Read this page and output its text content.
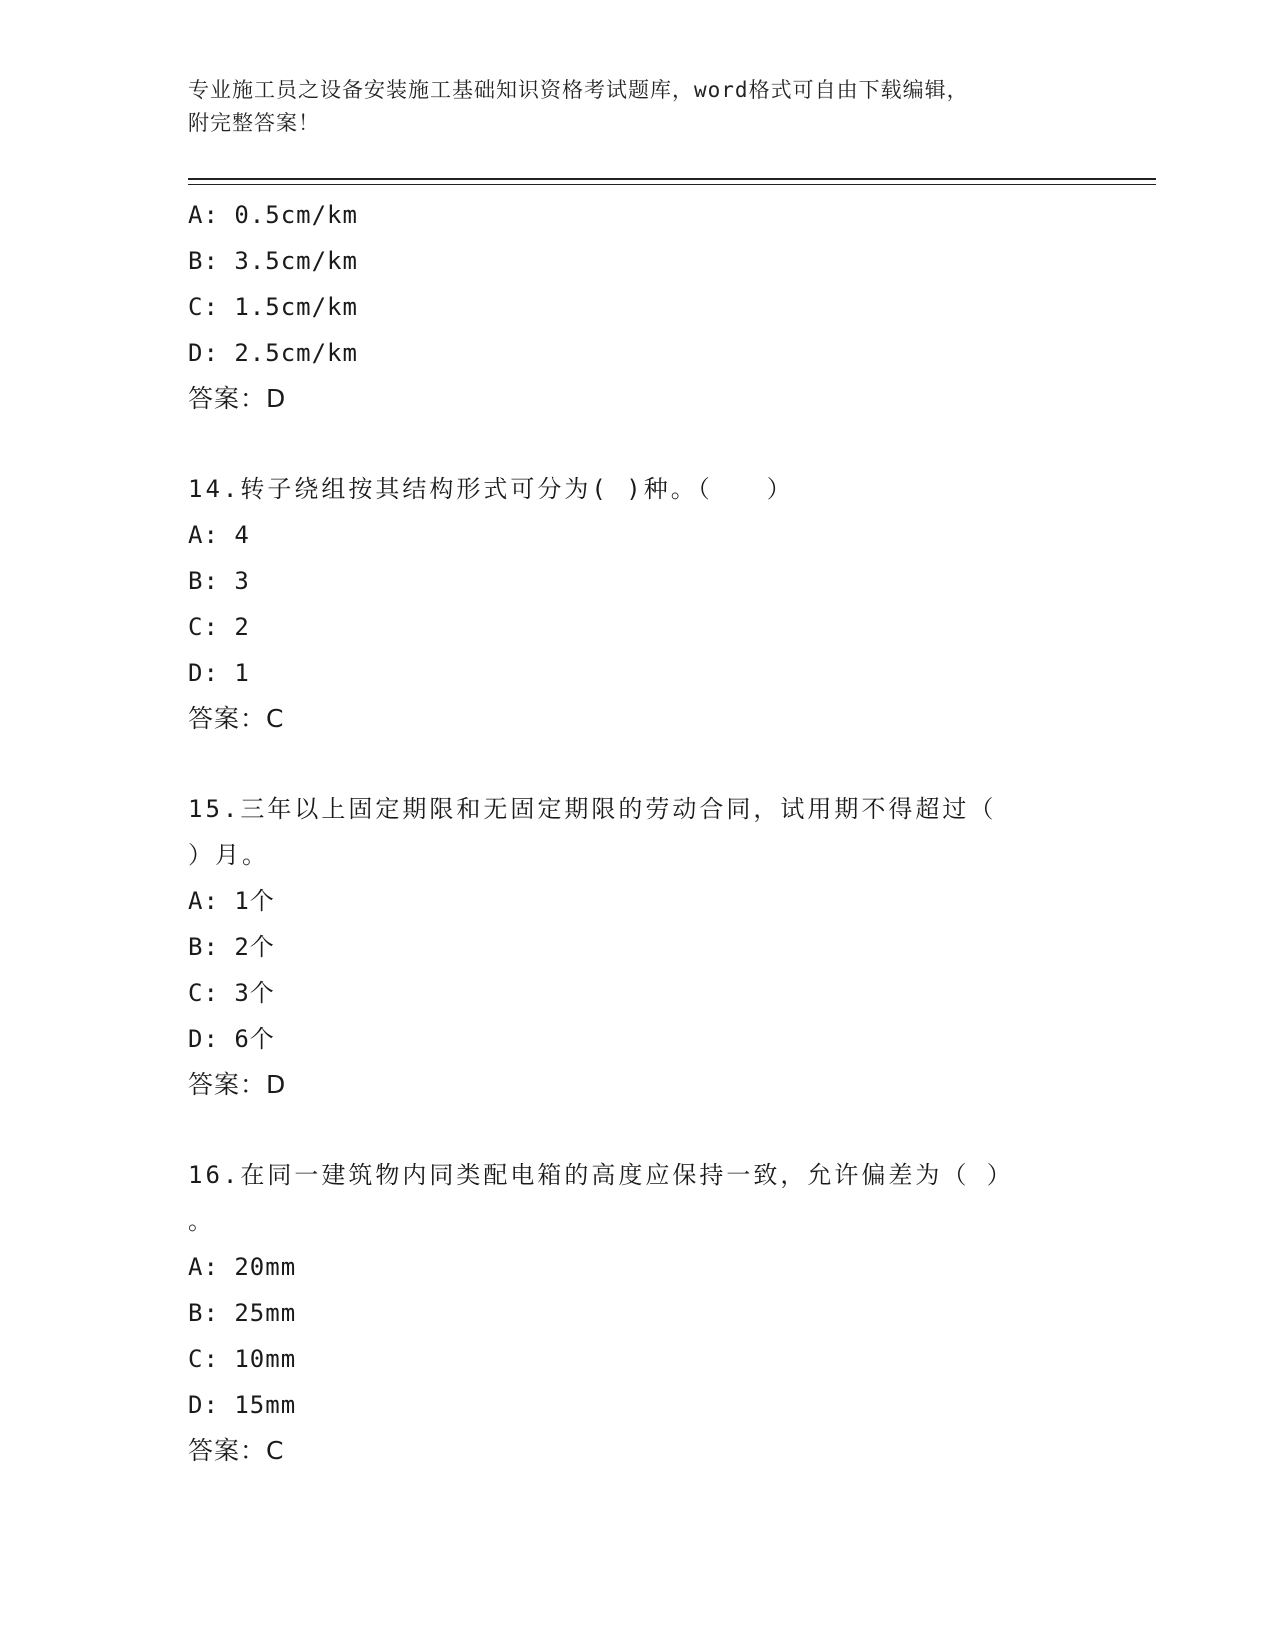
专业施工员之设备安装施工基础知识资格考试题库，word格式可自由下载编辑，
附完整答案！
A: 0.5cm/km
B: 3.5cm/km
C: 1.5cm/km
D: 2.5cm/km
答案：D
14.转子绕组按其结构形式可分为( )种。（　　）
A: 4
B: 3
C: 2
D: 1
答案：C
15.三年以上固定期限和无固定期限的劳动合同，试用期不得超过（
）月。
A: 1个
B: 2个
C: 3个
D: 6个
答案：D
16.在同一建筑物内同类配电箱的高度应保持一致，允许偏差为（ ）
。
A: 20mm
B: 25mm
C: 10mm
D: 15mm
答案：C
